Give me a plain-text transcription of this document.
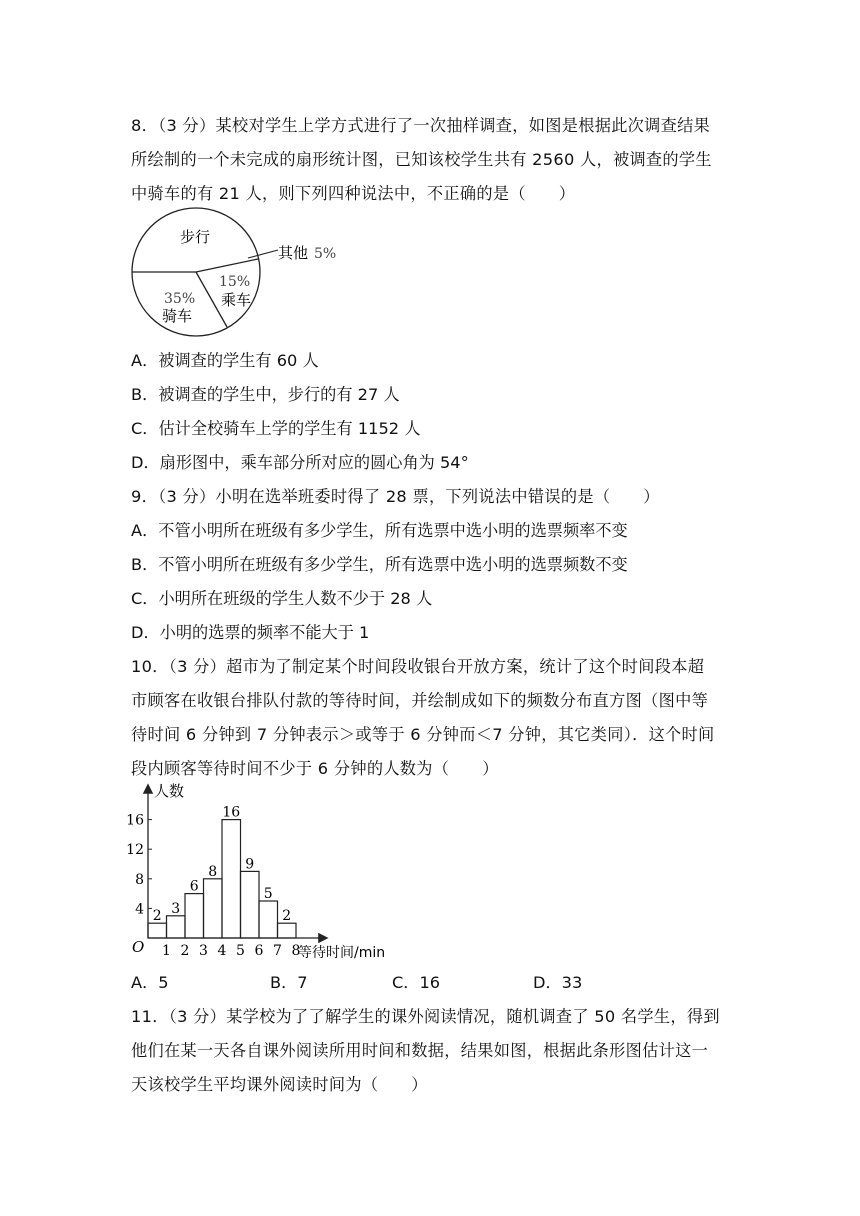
8．（3 分）某校对学生上学方式进行了一次抽样调查，如图是根据此次调查结果
所绘制的一个未完成的扇形统计图，已知该校学生共有 2560 人，被调查的学生
中骑车的有 21 人，则下列四种说法中，不正确的是（　　）
步行
其他 5%
15%
乘车
35%
骑车
A．被调查的学生有 60 人
B．被调查的学生中，步行的有 27 人
C．估计全校骑车上学的学生有 1152 人
D．扇形图中，乘车部分所对应的圆心角为 54°
9．（3 分）小明在选举班委时得了 28 票，下列说法中错误的是（　　）
A．不管小明所在班级有多少学生，所有选票中选小明的选票频率不变
B．不管小明所在班级有多少学生，所有选票中选小明的选票频数不变
C．小明所在班级的学生人数不少于 28 人
D．小明的选票的频率不能大于 1
10．（3 分）超市为了制定某个时间段收银台开放方案，统计了这个时间段本超
市顾客在收银台排队付款的等待时间，并绘制成如下的频数分布直方图（图中等
待时间 6 分钟到 7 分钟表示＞或等于 6 分钟而＜7 分钟，其它类同）．这个时间
段内顾客等待时间不少于 6 分钟的人数为（　　）
2 3
6
8
16
9
5
2
1 2 3 4 5 6 7 8
4
8
12
16
O
人数
等待时间/min
A．5	B．7	C．16	D．33
11．（3 分）某学校为了了解学生的课外阅读情况，随机调查了 50 名学生，得到
他们在某一天各自课外阅读所用时间和数据，结果如图，根据此条形图估计这一
天该校学生平均课外阅读时间为（　　）
